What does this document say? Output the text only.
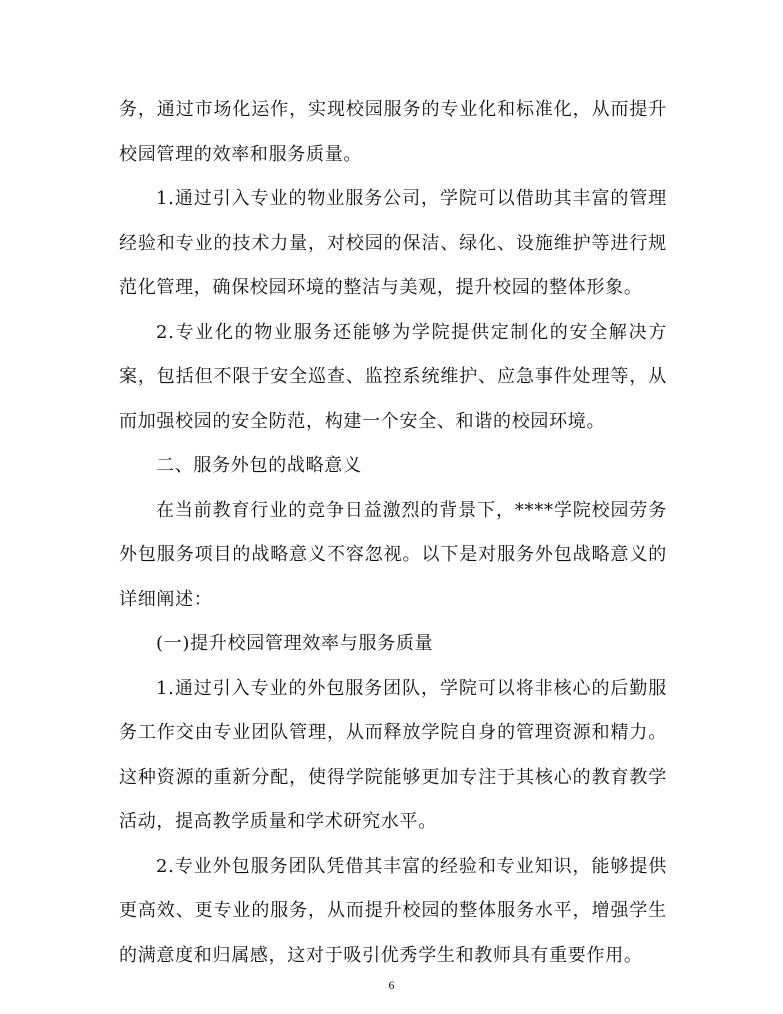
务，通过市场化运作，实现校园服务的专业化和标准化，从而提升校园管理的效率和服务质量。

1.通过引入专业的物业服务公司，学院可以借助其丰富的管理经验和专业的技术力量，对校园的保洁、绿化、设施维护等进行规范化管理，确保校园环境的整洁与美观，提升校园的整体形象。

2.专业化的物业服务还能够为学院提供定制化的安全解决方案，包括但不限于安全巡查、监控系统维护、应急事件处理等，从而加强校园的安全防范，构建一个安全、和谐的校园环境。

二、服务外包的战略意义

在当前教育行业的竞争日益激烈的背景下，****学院校园劳务外包服务项目的战略意义不容忽视。以下是对服务外包战略意义的详细阐述：

(一)提升校园管理效率与服务质量

1.通过引入专业的外包服务团队，学院可以将非核心的后勤服务工作交由专业团队管理，从而释放学院自身的管理资源和精力。这种资源的重新分配，使得学院能够更加专注于其核心的教育教学活动，提高教学质量和学术研究水平。

2.专业外包服务团队凭借其丰富的经验和专业知识，能够提供更高效、更专业的服务，从而提升校园的整体服务水平，增强学生的满意度和归属感，这对于吸引优秀学生和教师具有重要作用。

6
